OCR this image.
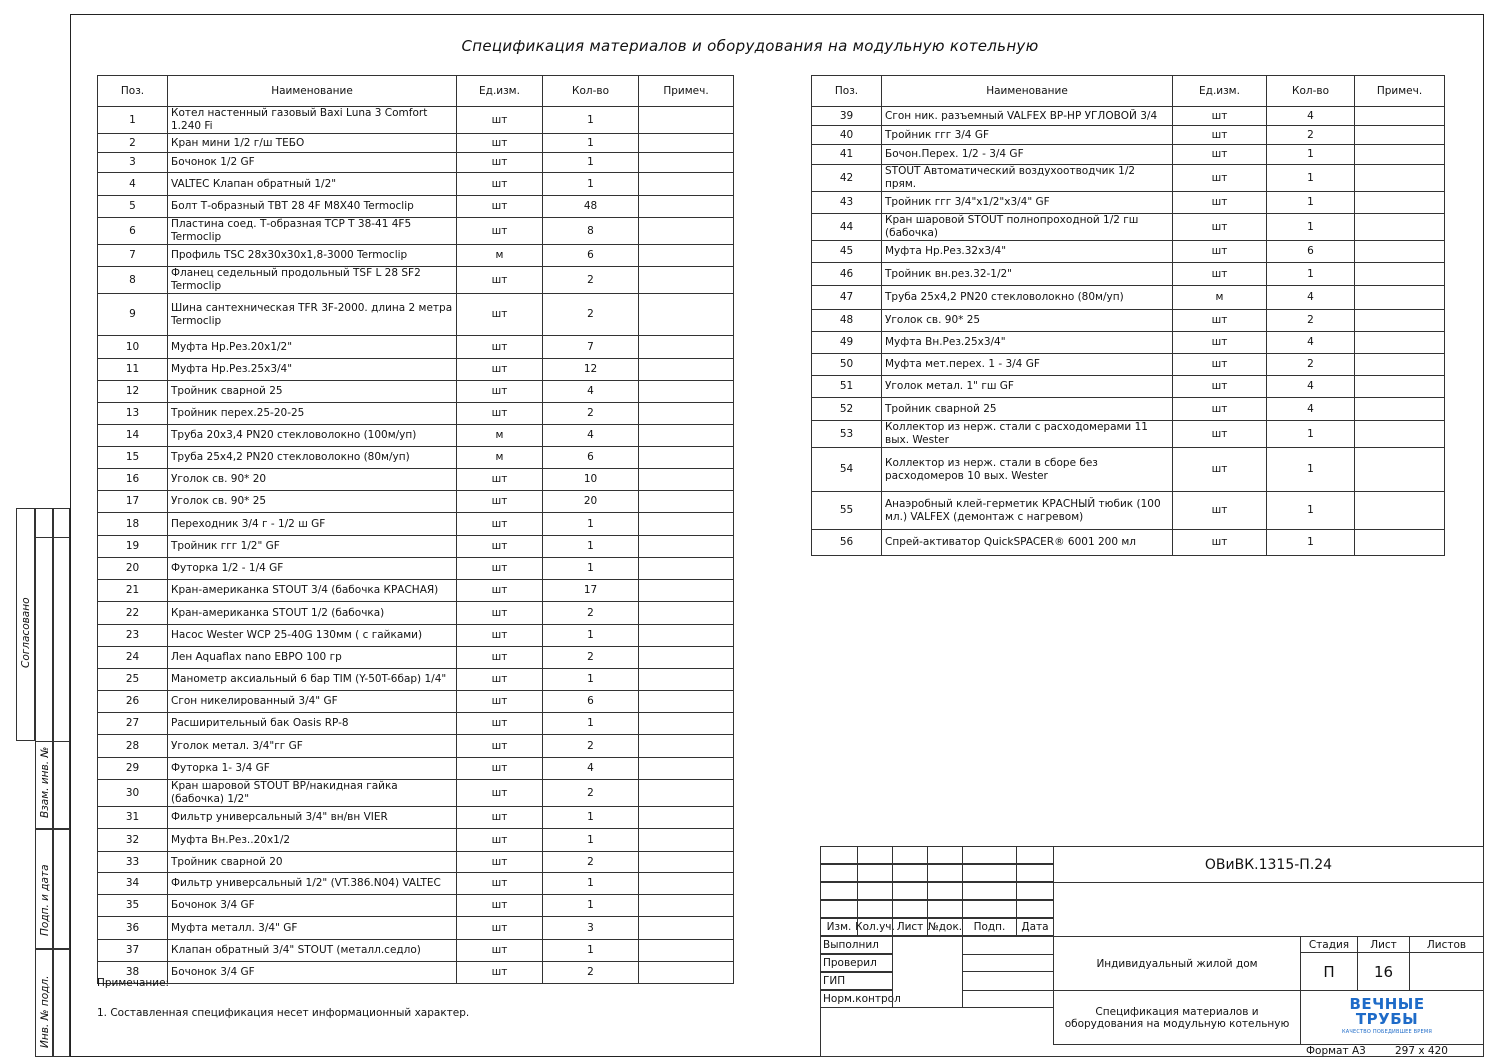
Спецификация материалов и оборудования на модульную котельную
Поз.	Наименование	Ед.изм.	Кол-во	Примеч.
1	Котел настенный газовый Baxi Luna 3 Comfort 1.240 Fi	шт	1	
2	Кран мини 1/2 г/ш ТЕБО	шт	1	
3	Бочонок 1/2 GF	шт	1	
4	VALTEC Клапан обратный 1/2"	шт	1	
5	Болт Т-образный ТВТ 28 4F М8Х40 Termoclip	шт	48	
6	Пластина соед. Т-образная ТСР Т 38-41 4F5 Termoclip	шт	8	
7	Профиль TSC 28х30х30х1,8-3000 Termoclip	м	6	
8	Фланец седельный продольный TSF L 28 SF2 Termoclip	шт	2	
9	Шина сантехническая TFR 3F-2000. длина 2 метра Termoclip	шт	2	
10	Муфта Нр.Рез.20х1/2"	шт	7	
11	Муфта Нр.Рез.25х3/4"	шт	12	
12	Тройник сварной 25	шт	4	
13	Тройник перех.25-20-25	шт	2	
14	Труба 20х3,4 PN20 стекловолокно (100м/уп)	м	4	
15	Труба 25х4,2 PN20 стекловолокно (80м/уп)	м	6	
16	Уголок св. 90* 20	шт	10	
17	Уголок св. 90* 25	шт	20	
18	Переходник 3/4 г - 1/2 ш GF	шт	1	
19	Тройник ггг 1/2" GF	шт	1	
20	Футорка 1/2 - 1/4 GF	шт	1	
21	Кран-американка STOUT 3/4 (бабочка КРАСНАЯ)	шт	17	
22	Кран-американка STOUT 1/2 (бабочка)	шт	2	
23	Насос Wester WCP 25-40G 130мм ( с гайками)	шт	1	
24	Лен Aquaflax nano EBPO 100 гр	шт	2	
25	Манометр аксиальный 6 бар TIM (Y-50T-6бар) 1/4"	шт	1	
26	Сгон никелированный 3/4" GF	шт	6	
27	Расширительный бак Oasis RP-8	шт	1	
28	Уголок метал. 3/4"гг GF	шт	2	
29	Футорка 1- 3/4 GF	шт	4	
30	Кран шаровой STOUT ВР/накидная гайка (бабочка) 1/2"	шт	2	
31	Фильтр универсальный 3/4" вн/вн VIER	шт	1	
32	Муфта Вн.Рез..20х1/2	шт	1	
33	Тройник сварной 20	шт	2	
34	Фильтр универсальный 1/2" (VT.386.N04) VALTEC	шт	1	
35	Бочонок 3/4 GF	шт	1	
36	Муфта металл. 3/4" GF	шт	3	
37	Клапан обратный 3/4" STOUT (металл.седло)	шт	1	
38	Бочонок 3/4 GF	шт	2	
Поз.	Наименование	Ед.изм.	Кол-во	Примеч.
39	Сгон ник. разъемный VALFEX ВР-НР УГЛОВОЙ 3/4	шт	4	
40	Тройник ггг 3/4 GF	шт	2	
41	Бочон.Перех. 1/2 - 3/4 GF	шт	1	
42	STOUT Автоматический воздухоотводчик 1/2 прям.	шт	1	
43	Тройник ггг 3/4"х1/2"х3/4" GF	шт	1	
44	Кран шаровой STOUT полнопроходной 1/2 гш (бабочка)	шт	1	
45	Муфта Нр.Рез.32х3/4"	шт	6	
46	Тройник вн.рез.32-1/2"	шт	1	
47	Труба 25х4,2 PN20 стекловолокно (80м/уп)	м	4	
48	Уголок св. 90* 25	шт	2	
49	Муфта Вн.Рез.25х3/4"	шт	4	
50	Муфта мет.перех. 1 - 3/4 GF	шт	2	
51	Уголок метал. 1" гш GF	шт	4	
52	Тройник сварной 25	шт	4	
53	Коллектор из нерж. стали с расходомерами 11 вых. Wester	шт	1	
54	Коллектор из нерж. стали в сборе без расходомеров 10 вых. Wester	шт	1	
55	Анаэробный клей-герметик КРАСНЫЙ тюбик (100 мл.) VALFEX (демонтаж с нагревом)	шт	1	
56	Спрей-активатор QuickSPACER® 6001 200 мл	шт	1	
Примечание:
1. Составленная спецификация несет информационный характер.
Согласовано
Взам. инв. №
Подп. и дата
Инв. № подл.
Изм. Кол.уч. Лист №док.	Подп.	Дата
Выполнил
Проверил
ГИП
Норм.контрол
ОВиВК.1315-П.24
Индивидуальный жилой дом
Спецификация материалов и оборудования на модульную котельную
Стадия	Лист	Листов
П	16
ВЕЧНЫЕ
ТРУБЫ
КАЧЕСТВО ПОБЕДИВШЕЕ ВРЕМЯ
Формат А3	297 х 420
